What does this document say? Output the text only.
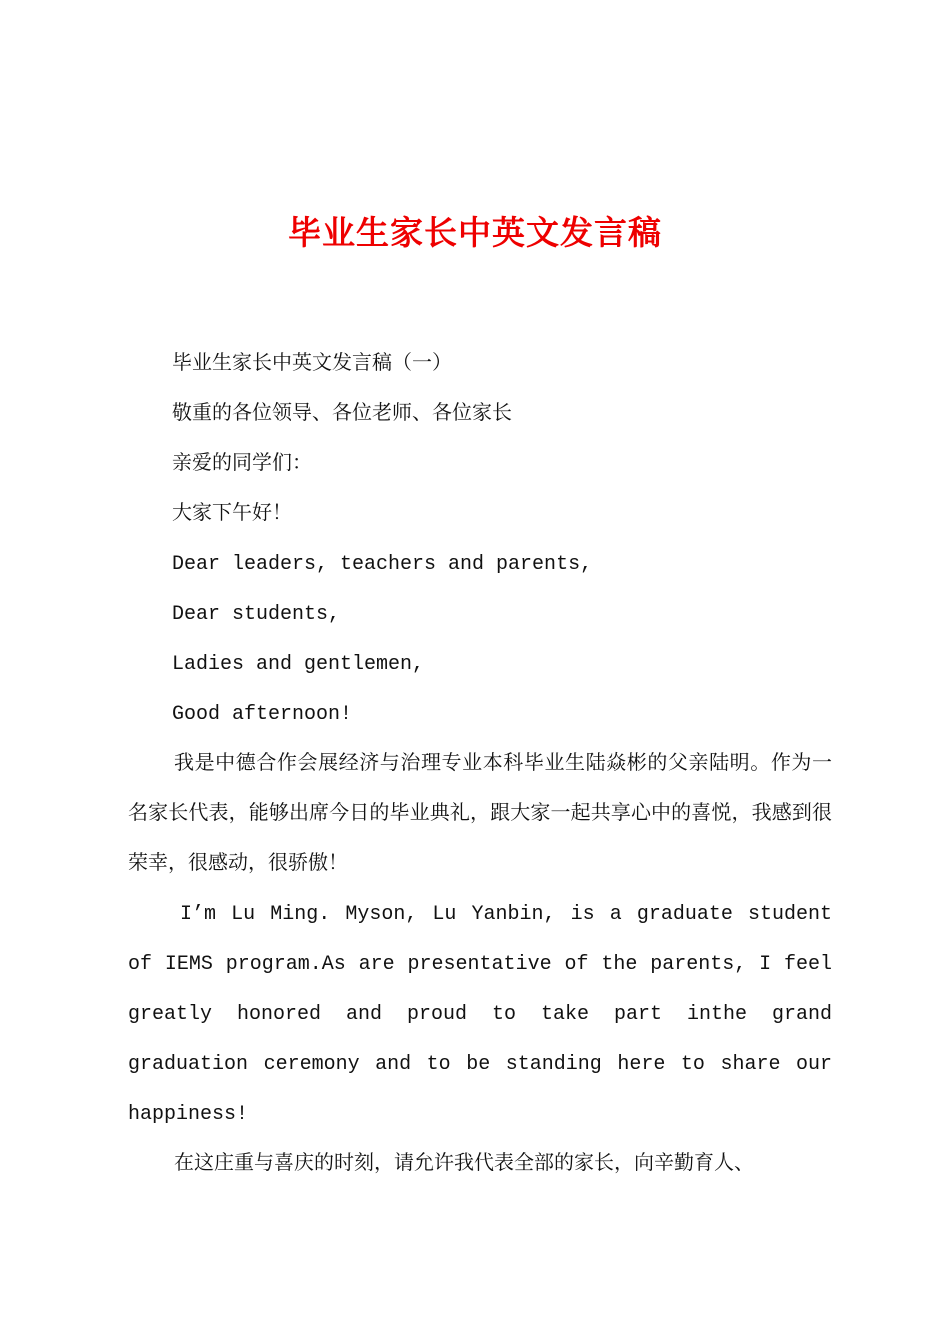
毕业生家长中英文发言稿
毕业生家长中英文发言稿（一）
敬重的各位领导、各位老师、各位家长
亲爱的同学们：
大家下午好！
Dear leaders, teachers and parents,
Dear students,
Ladies and gentlemen,
Good afternoon!
我是中德合作会展经济与治理专业本科毕业生陆焱彬的父亲陆明。作为一名家长代表，能够出席今日的毕业典礼，跟大家一起共享心中的喜悦，我感到很荣幸，很感动，很骄傲！
I’m Lu Ming. Myson, Lu Yanbin, is a graduate student of IEMS program.As are presentative of the parents, I feel greatly honored and proud to take part inthe grand graduation ceremony and to be standing here to share our happiness!
在这庄重与喜庆的时刻，请允许我代表全部的家长，向辛勤育人、
